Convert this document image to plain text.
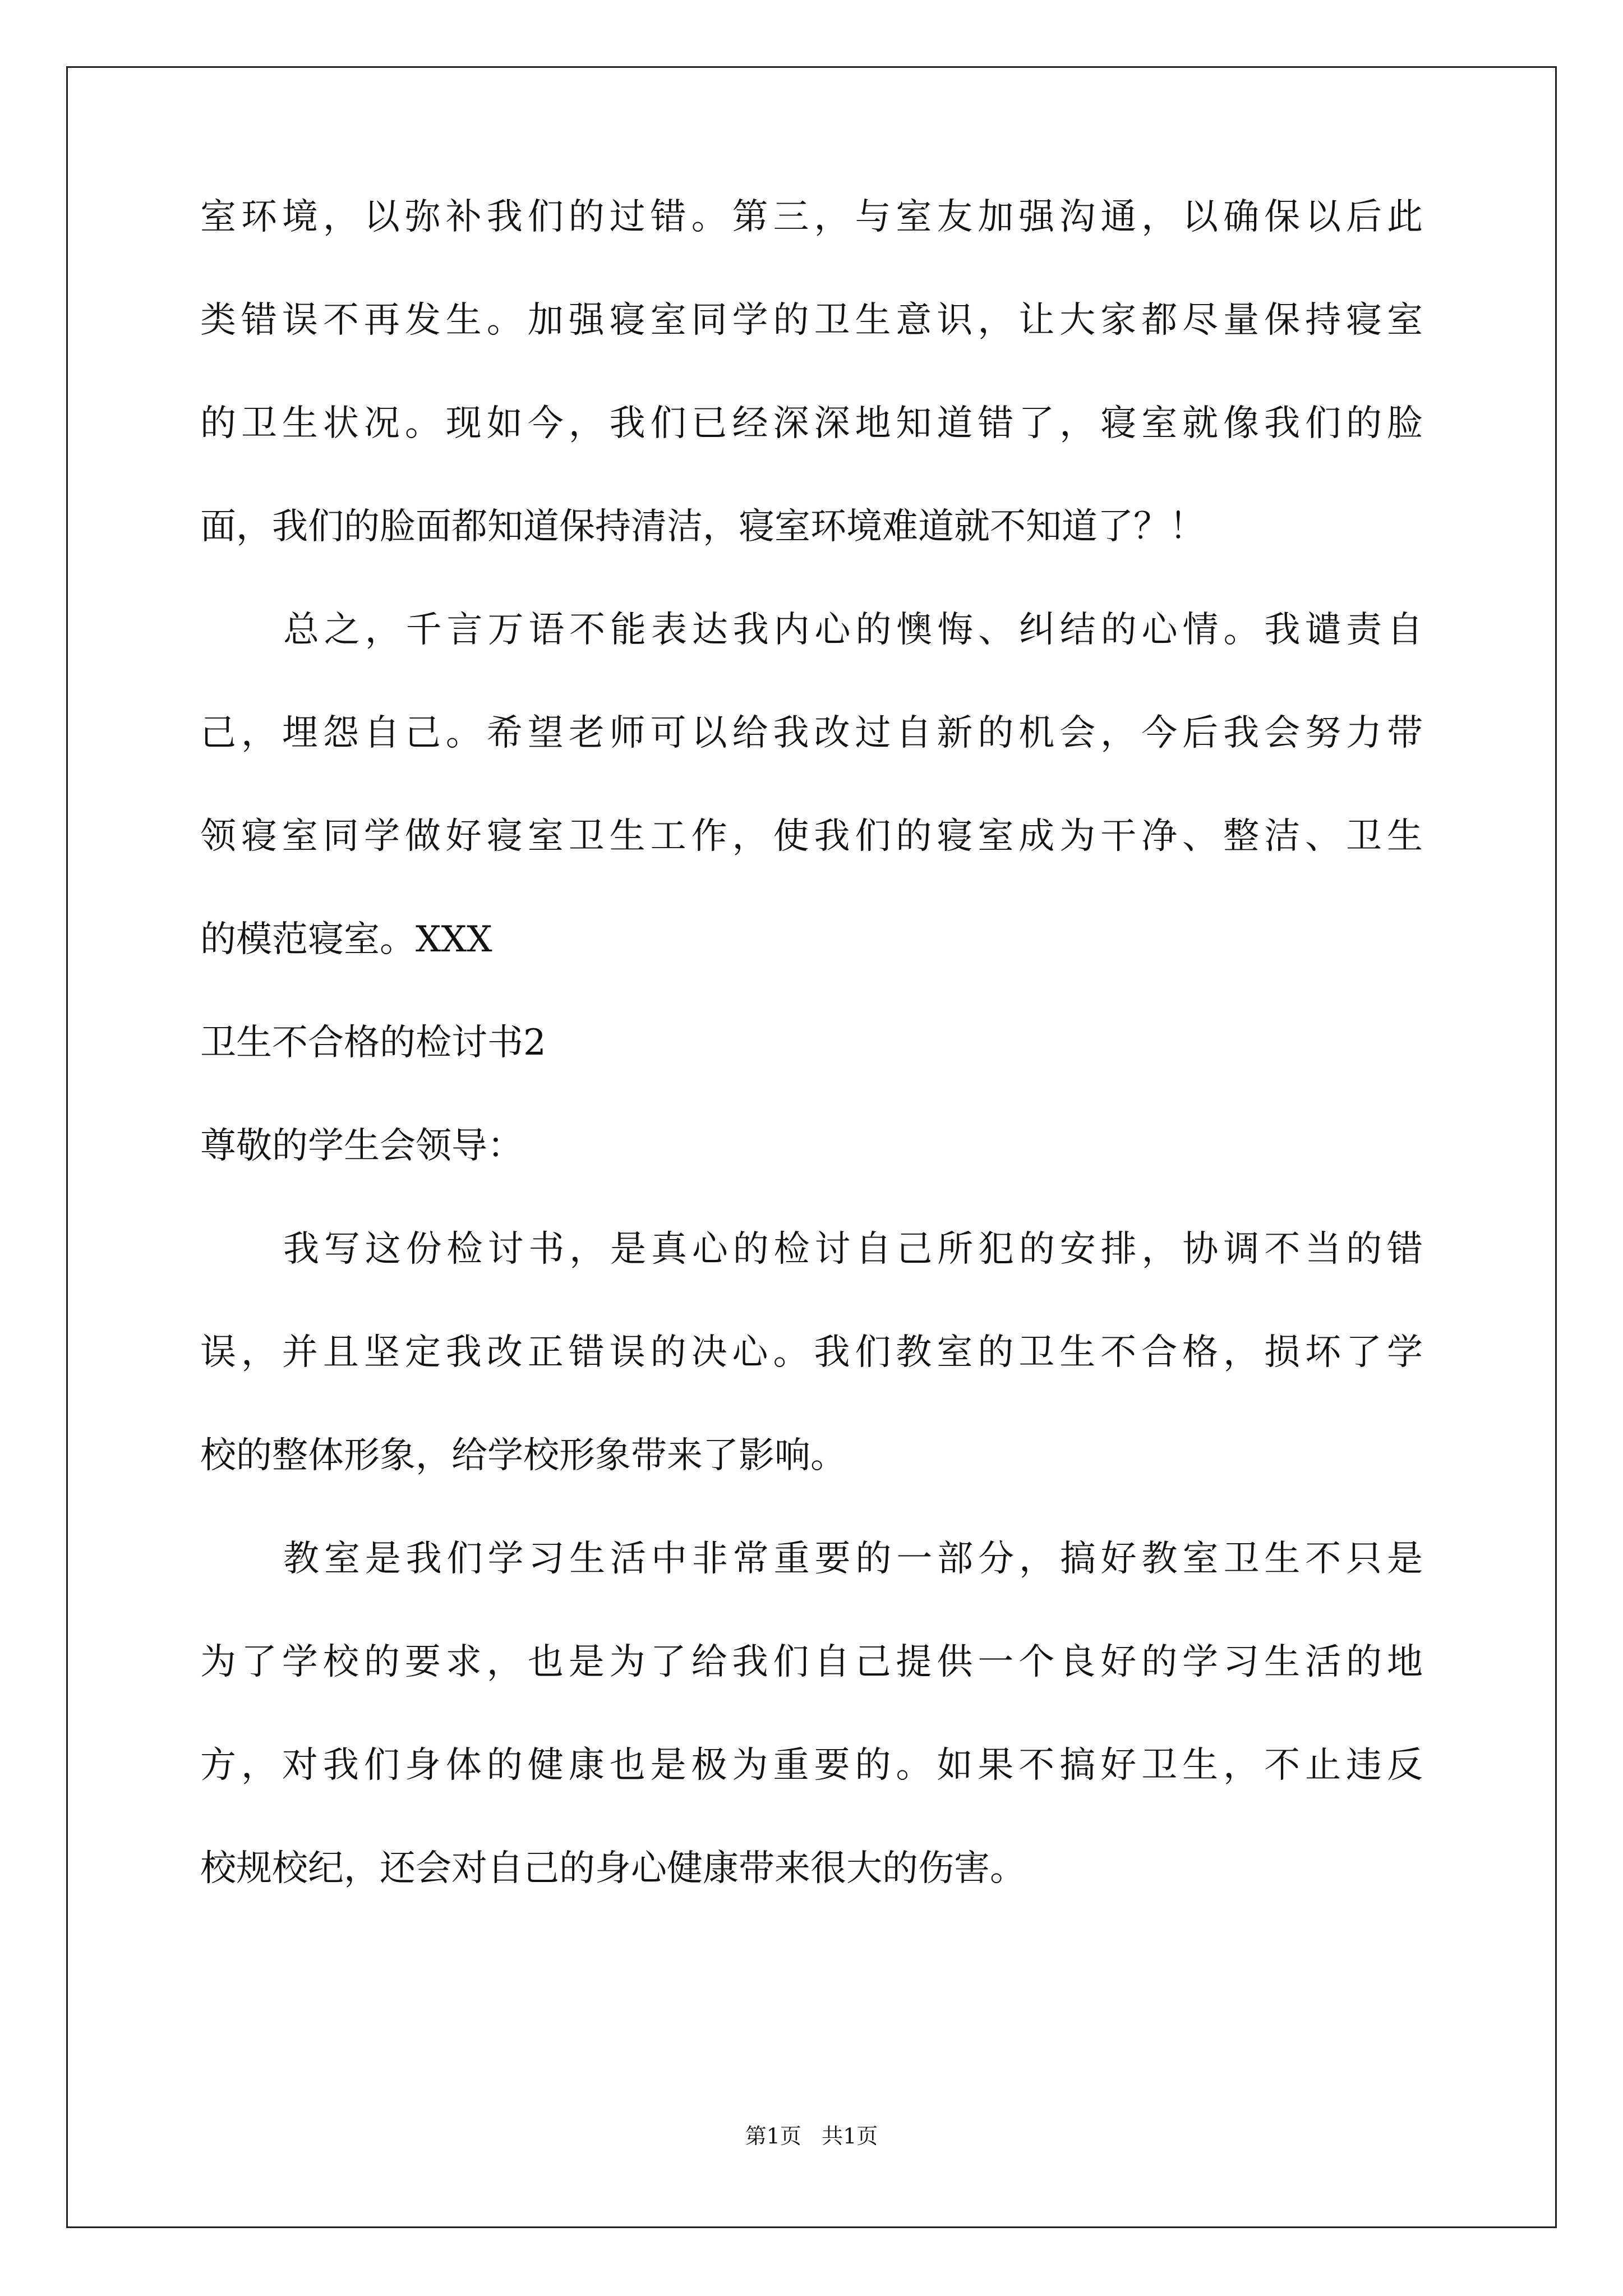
室环境，以弥补我们的过错。第三，与室友加强沟通，以确保以后此
类错误不再发生。加强寝室同学的卫生意识，让大家都尽量保持寝室
的卫生状况。现如今，我们已经深深地知道错了，寝室就像我们的脸
面，我们的脸面都知道保持清洁，寝室环境难道就不知道了？！
总之，千言万语不能表达我内心的懊悔、纠结的心情。我谴责自
己，埋怨自己。希望老师可以给我改过自新的机会，今后我会努力带
领寝室同学做好寝室卫生工作，使我们的寝室成为干净、整洁、卫生
的模范寝室。XXX
卫生不合格的检讨书2
尊敬的学生会领导：
我写这份检讨书，是真心的检讨自己所犯的安排，协调不当的错
误，并且坚定我改正错误的决心。我们教室的卫生不合格，损坏了学
校的整体形象，给学校形象带来了影响。
教室是我们学习生活中非常重要的一部分，搞好教室卫生不只是
为了学校的要求，也是为了给我们自己提供一个良好的学习生活的地
方，对我们身体的健康也是极为重要的。如果不搞好卫生，不止违反
校规校纪，还会对自己的身心健康带来很大的伤害。
第1页   共1页
